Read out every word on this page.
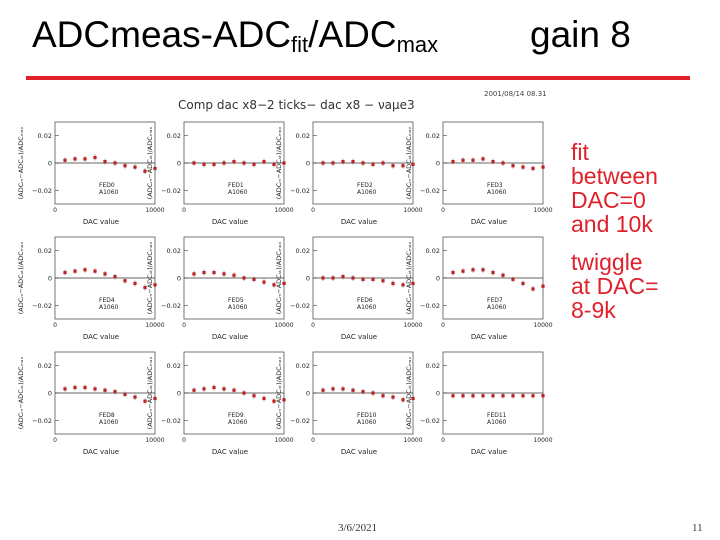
ADCmeas-$ADC_{fit}/ADC_{max}$ gain 8
Comp dac x8−2 ticks− dac x8 − νaμe3
2001/08/14 08.31
0.02
0
−0.02
0	10000
DAC value
(ADCₘ−ADCₛₜ)/ADCₘₐₓ	FED0
A1060
0.02
0
−0.02
0	10000
DAC value
(ADCₘ−ADCₛₜ)/ADCₘₐₓ	FED1
A1060
0.02
0
−0.02
0	10000
DAC value
(ADCₘ−ADCₛₜ)/ADCₘₐₓ	FED2
A1060
0.02
0
−0.02
0	10000
DAC value
(ADCₘ−ADCₛₜ)/ADCₘₐₓ	FED3
A1060
0.02
0
−0.02
0	10000
DAC value
(ADCₘ−ADCₛₜ)/ADCₘₐₓ	FED4
A1060
0.02
0
−0.02
0	10000
DAC value
(ADCₘ−ADCₛₜ)/ADCₘₐₓ	FED5
A1060
0.02
0
−0.02
0	10000
DAC value
(ADCₘ−ADCₛₜ)/ADCₘₐₓ	FED6
A1060
0.02
0
−0.02
0	10000
DAC value
(ADCₘ−ADCₛₜ)/ADCₘₐₓ	FED7
A1060
0.02
0
−0.02
0	10000
DAC value
(ADCₘ−ADCₛₜ)/ADCₘₐₓ	FED8
A1060
0.02
0
−0.02
0	10000
DAC value
(ADCₘ−ADCₛₜ)/ADCₘₐₓ	FED9
A1060
0.02
0
−0.02
0	10000
DAC value
(ADCₘ−ADCₛₜ)/ADCₘₐₓ	FED10
A1060
0.02
0
−0.02
0	10000
DAC value
(ADCₘ−ADCₛₜ)/ADCₘₐₓ	FED11
A1060
fit
between
DAC=0
and 10k
twiggle
at DAC=
8-9k
3/6/2021	11
